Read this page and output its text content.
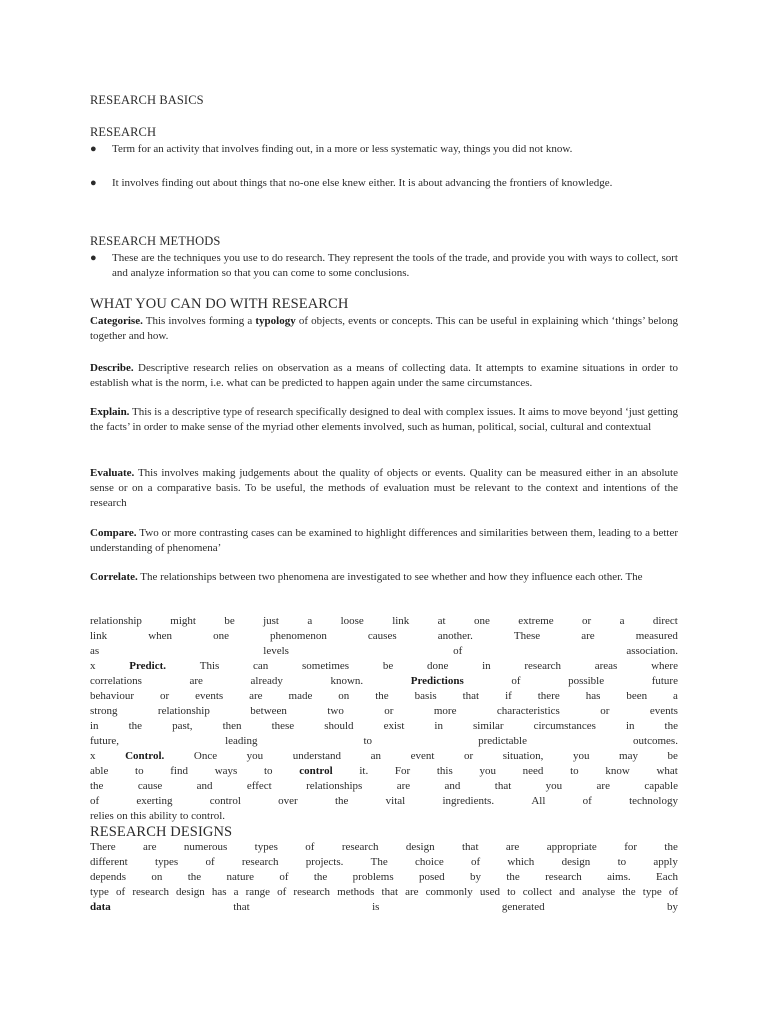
RESEARCH BASICS

RESEARCH

● Term for an activity that involves finding out, in a more or less systematic way, things you did not know.
● It involves finding out about things that no-one else knew either. It is about advancing the frontiers of knowledge.

RESEARCH METHODS

● These are the techniques you use to do research. They represent the tools of the trade, and provide you with ways to collect, sort and analyze information so that you can come to some conclusions.

WHAT YOU CAN DO WITH RESEARCH

Categorise. This involves forming a typology of objects, events or concepts. This can be useful in explaining which ‘things’ belong together and how.

Describe. Descriptive research relies on observation as a means of collecting data. It attempts to examine situations in order to establish what is the norm, i.e. what can be predicted to happen again under the same circumstances.

Explain. This is a descriptive type of research specifically designed to deal with complex issues. It aims to move beyond ‘just getting the facts’ in order to make sense of the myriad other elements involved, such as human, political, social, cultural and contextual

Evaluate. This involves making judgements about the quality of objects or events. Quality can be measured either in an absolute sense or on a comparative basis. To be useful, the methods of evaluation must be relevant to the context and intentions of the research

Compare. Two or more contrasting cases can be examined to highlight differences and similarities between them, leading to a better understanding of phenomena’

Correlate. The relationships between two phenomena are investigated to see whether and how they influence each other. The

relationship	might	be	just	a	loose	link	at	one	extreme	or	a	direct
link	when	one	phenomenon	causes	another.	These	are	measured
as	levels	of	association.
x	Predict.	This	can	sometimes	be	done	in	research	areas	where
correlations	are	already	known.	Predictions	of	possible	future
behaviour or events are made on the basis that if there has been a
strong	relationship	between	two	or	more	characteristics	or	events
in	the	past,	then	these	should	exist	in	similar	circumstances	in	the
future,	leading	to	predictable	outcomes.
x	Control.	Once	you	understand	an	event	or	situation,	you	may	be
able to find ways to control it. For this you need to know what
the	cause	and	effect	relationships	are	and	that	you	are	capable
of	exerting	control	over	the	vital	ingredients.	All	of	technology
relies on this ability to control.

RESEARCH DESIGNS

There are numerous types of research design that are appropriate for the
different types of research projects. The choice of which design to apply
depends on the nature of the problems posed by the research aims. Each
type of research design has a range of research methods that are commonly used to collect and analyse the type of
data	that	is	generated	by
